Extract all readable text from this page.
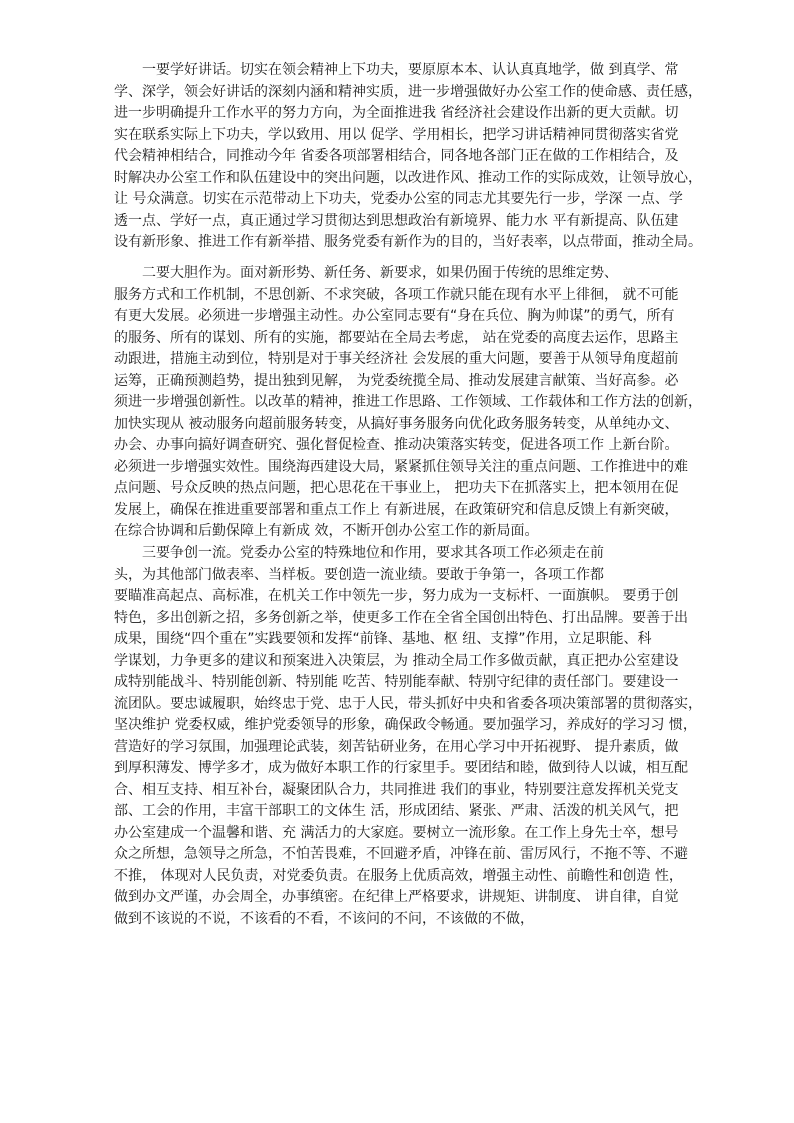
一要学好讲话。切实在领会精神上下功夫，要原原本本、认认真真地学，做 到真学、常
学、深学，领会好讲话的深刻内涵和精神实质，进一步增强做好办公室工作的使命感、责任感，
进一步明确提升工作水平的努力方向，为全面推进我 省经济社会建设作出新的更大贡献。切
实在联系实际上下功夫，学以致用、用以 促学、学用相长，把学习讲话精神同贯彻落实省党
代会精神相结合，同推动今年 省委各项部署相结合，同各地各部门正在做的工作相结合，及
时解决办公室工作和队伍建设中的突出问题，以改进作风、推动工作的实际成效，让领导放心，
让 号众满意。切实在示范带动上下功夫，党委办公室的同志尤其要先行一步，学深 一点、学
透一点、学好一点，真正通过学习贯彻达到思想政治有新境界、能力水 平有新提高、队伍建
设有新形象、推进工作有新举措、服务党委有新作为的目的，当好表率，以点带面，推动全局。
二要大胆作为。面对新形势、新任务、新要求，如果仍囿于传统的思维定势、
服务方式和工作机制，不思创新、不求突破，各项工作就只能在现有水平上徘徊， 就不可能
有更大发展。必须进一步增强主动性。办公室同志要有“身在兵位、胸为帅谋”的勇气，所有
的服务、所有的谋划、所有的实施，都要站在全局去考虑， 站在党委的高度去运作，思路主
动跟进，措施主动到位，特别是对于事关经济社 会发展的重大问题，要善于从领导角度超前
运筹，正确预测趋势，提出独到见解， 为党委统揽全局、推动发展建言献策、当好高参。必
须进一步增强创新性。以改革的精神，推进工作思路、工作领域、工作载体和工作方法的创新，
加快实现从 被动服务向超前服务转变，从搞好事务服务向优化政务服务转变，从单纯办文、
办会、办事向搞好调查研究、强化督促检查、推动决策落实转变，促进各项工作 上新台阶。
必须进一步增强实效性。围绕海西建设大局，紧紧抓住领导关注的重点问题、工作推进中的难
点问题、号众反映的热点问题，把心思花在干事业上， 把功夫下在抓落实上，把本领用在促
发展上，确保在推进重要部署和重点工作上 有新进展，在政策研究和信息反馈上有新突破，
在综合协调和后勤保障上有新成 效，不断开创办公室工作的新局面。
三要争创一流。党委办公室的特殊地位和作用，要求其各项工作必须走在前
头，为其他部门做表率、当样板。要创造一流业绩。要敢于争第一，各项工作都
要瞄准高起点、高标准，在机关工作中领先一步，努力成为一支标杆、一面旗帜。 要勇于创
特色，多出创新之招，多务创新之举，使更多工作在全省全国创出特色、打出品牌。要善于出
成果，围绕“四个重在”实践要领和发挥“前锋、基地、枢 纽、支撑”作用，立足职能、科
学谋划，力争更多的建议和预案进入决策层，为 推动全局工作多做贡献，真正把办公室建设
成特别能战斗、特别能创新、特别能 吃苦、特别能奉献、特别守纪律的责任部门。要建设一
流团队。要忠诚履职，始终忠于党、忠于人民，带头抓好中央和省委各项决策部署的贯彻落实，
坚决维护 党委权威，维护党委领导的形象，确保政令畅通。要加强学习，养成好的学习习 惯，
营造好的学习氛围，加强理论武装，刻苦钻研业务，在用心学习中开拓视野、 提升素质，做
到厚积薄发、博学多才，成为做好本职工作的行家里手。要团结和睦，做到待人以诚，相互配
合、相互支持、相互补台，凝聚团队合力，共同推进 我们的事业，特别要注意发挥机关党支
部、工会的作用，丰富干部职工的文体生 活，形成团结、紧张、严肃、活泼的机关风气，把
办公室建成一个温馨和谐、充 满活力的大家庭。要树立一流形象。在工作上身先士卒，想号
众之所想，急领导之所急，不怕苦畏难，不回避矛盾，冲锋在前、雷厉风行，不拖不等、不避
不推， 体现对人民负责，对党委负责。在服务上优质高效，增强主动性、前瞻性和创造 性，
做到办文严谨，办会周全，办事缜密。在纪律上严格要求，讲规矩、讲制度、 讲自律，自觉
做到不该说的不说，不该看的不看，不该问的不问，不该做的不做，
